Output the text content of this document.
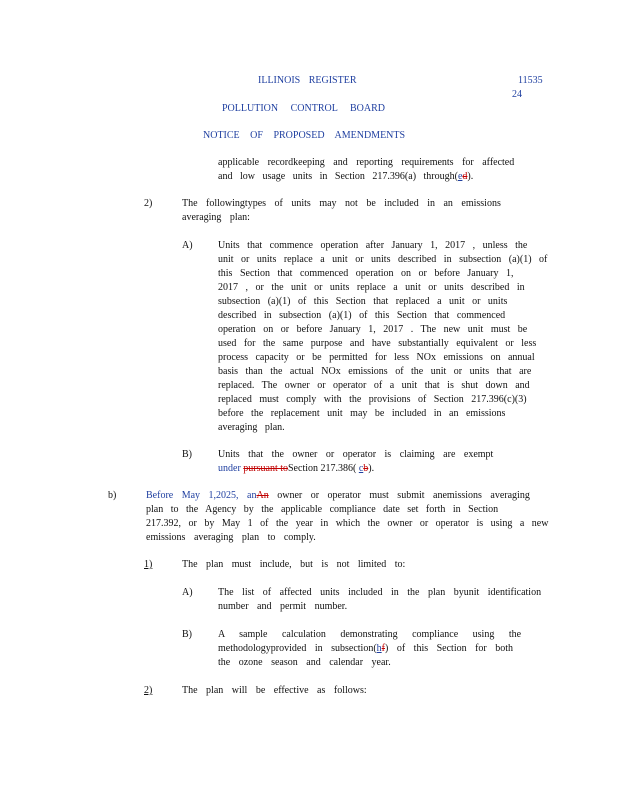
ILLINOIS REGISTER	11535
24
POLLUTION CONTROL BOARD
NOTICE OF PROPOSED AMENDMENTS
applicable recordkeeping and reporting requirements for affected
and low usage units in Section 217.396(a) through(ed).
2)	The followingtypes of units may not be included in an emissions
averaging plan:
A)	Units that commence operation after January 1, 2017 , unless the
unit or units replace a unit or units described in subsection (a)(1) of
this Section that commenced operation on or before January 1,
2017 , or the unit or units replace a unit or units described in
subsection (a)(1) of this Section that replaced a unit or units
described in subsection (a)(1) of this Section that commenced
operation on or before January 1, 2017 . The new unit must be
used for the same purpose and have substantially equivalent or less
process capacity or be permitted for less NOx emissions on annual
basis than the actual NOx emissions of the unit or units that are
replaced. The owner or operator of a unit that is shut down and
replaced must comply with the provisions of Section 217.396(c)(3)
before the replacement unit may be included in an emissions
averaging plan.
B)	Units that the owner or operator is claiming are exempt
under pursuant toSection 217.386( cb).
b)	Before May 1,2025, anAn owner or operator must submit anemissions averaging
plan to the Agency by the applicable compliance date set forth in Section
217.392, or by May 1 of the year in which the owner or operator is using a new
emissions averaging plan to comply.
1)	The plan must include, but is not limited to:
A)	The list of affected units included in the plan byunit identification
number and permit number.
B)	A sample calculation demonstrating compliance using the
methodologyprovided in subsection(hf) of this Section for both
the ozone season and calendar year.
2)	The plan will be effective as follows:
